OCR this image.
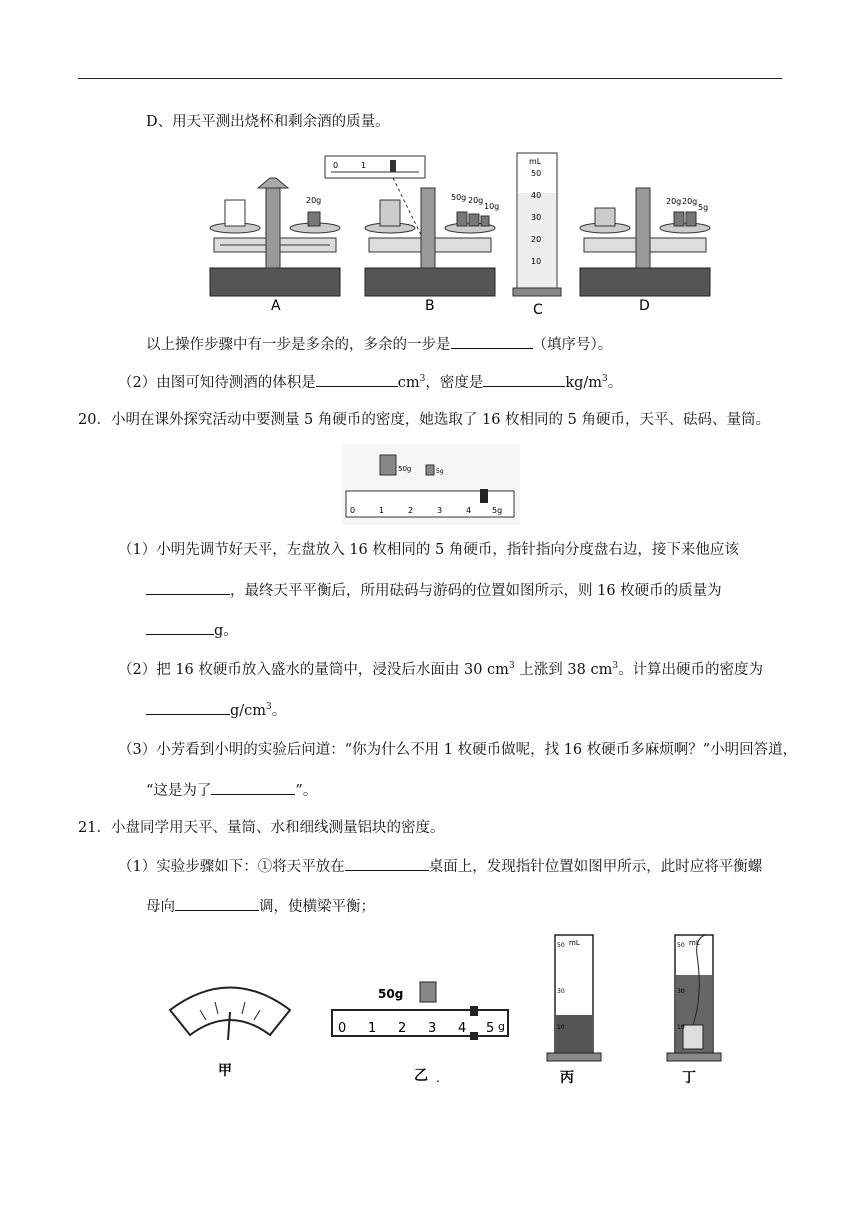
D、用天平测出烧杯和剩余酒的质量。
20g
0	1
50g 20g
10g
mL
50
40
30
20
10
20g 20g
5g
A	B	C	D
以上操作步骤中有一步是多余的，多余的一步是	（填序号）。
（2）由图可知待测酒的体积是	$cm^3$，密度是	$kg/m^3$。
20．小明在课外探究活动中要测量 5 角硬币的密度，她选取了 16 枚相同的 5 角硬币，天平、砝码、量筒。
50g	5g
0	1	2	3	4	5g
（1）小明先调节好天平，左盘放入 16 枚相同的 5 角硬币，指针指向分度盘右边，接下来他应该
，最终天平平衡后，所用砝码与游码的位置如图所示，则 16 枚硬币的质量为
g。
（2）把 16 枚硬币放入盛水的量筒中，浸没后水面由 30 $cm^3$ 上涨到 38 $cm^3$。计算出硬币的密度为
$g/cm^3$。
（3）小芳看到小明的实验后问道：“你为什么不用 1 枚硬币做呢，找 16 枚硬币多麻烦啊？”小明回答道，
“这是为了	”。
21．小盘同学用天平、量筒、水和细线测量铝块的密度。
（1）实验步骤如下：①将天平放在	桌面上，发现指针位置如图甲所示，此时应将平衡螺
母向	调，使横梁平衡；
甲
50g
0 1 2 3 4 5 g
乙 .
mL
50
30
10
丙
mL
50
30
10
丁
